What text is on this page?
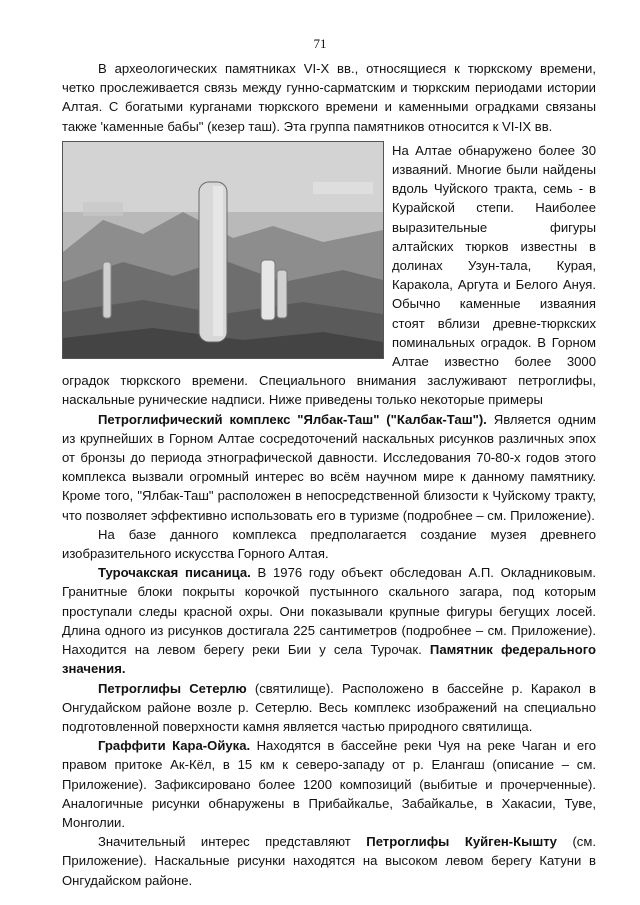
71

В археологических памятниках VI-X вв., относящиеся к тюркскому времени, четко прослеживается связь между гунно-сарматским и тюркским периодами истории Алтая. С богатыми курганами тюркского времени и каменными оградками связаны также 'каменные бабы" (кезер таш). Эта группа памятников относится к VI-IX вв.

На Алтае обнаружено более 30 изваяний. Многие были найдены вдоль Чуйского тракта, семь - в Курайской степи. Наиболее выразительные фигуры алтайских тюрков известны в долинах Узун-тала, Курая, Каракола, Аргута и Белого Ануя. Обычно каменные изваяния стоят вблизи древне-тюркских поминальных оградок. В Горном Алтае известно более 3000 оградок тюркского времени. Специального внимания заслуживают петроглифы, наскальные рунические надписи. Ниже приведены только некоторые примеры

Петроглифический комплекс "Ялбак-Таш" ("Калбак-Таш"). Является одним из крупнейших в Горном Алтае сосредоточений наскальных рисунков различных эпох от бронзы до периода этнографической давности. Исследования 70-80-х годов этого комплекса вызвали огромный интерес во всём научном мире к данному памятнику. Кроме того, "Ялбак-Таш" расположен в непосредственной близости к Чуйскому тракту, что позволяет эффективно использовать его в туризме (подробнее – см. Приложение).

На базе данного комплекса предполагается создание музея древнего изобразительного искусства Горного Алтая.

Турочакская писаница. В 1976 году объект обследован А.П. Окладниковым. Гранитные блоки покрыты корочкой пустынного скального загара, под которым проступали следы красной охры. Они показывали крупные фигуры бегущих лосей. Длина одного из рисунков достигала 225 сантиметров (подробнее – см. Приложение). Находится на левом берегу реки Бии у села Турочак. Памятник федерального значения.

Петроглифы Сетерлю (святилище). Расположено в бассейне р. Каракол в Онгудайском районе возле р. Сетерлю. Весь комплекс изображений на специально подготовленной поверхности камня является частью природного святилища.

Граффити Кара-Ойука. Находятся в бассейне реки Чуя на реке Чаган и его правом притоке Ак-Кёл, в 15 км к северо-западу от р. Елангаш (описание – см. Приложение). Зафиксировано более 1200 композиций (выбитые и прочерченные). Аналогичные рисунки обнаружены в Прибайкалье, Забайкалье, в Хакасии, Туве, Монголии.

Значительный интерес представляют Петроглифы Куйген-Кыштy (см. Приложение). Наскальные рисунки находятся на высоком левом берегу Катуни в Онгудайском районе.
